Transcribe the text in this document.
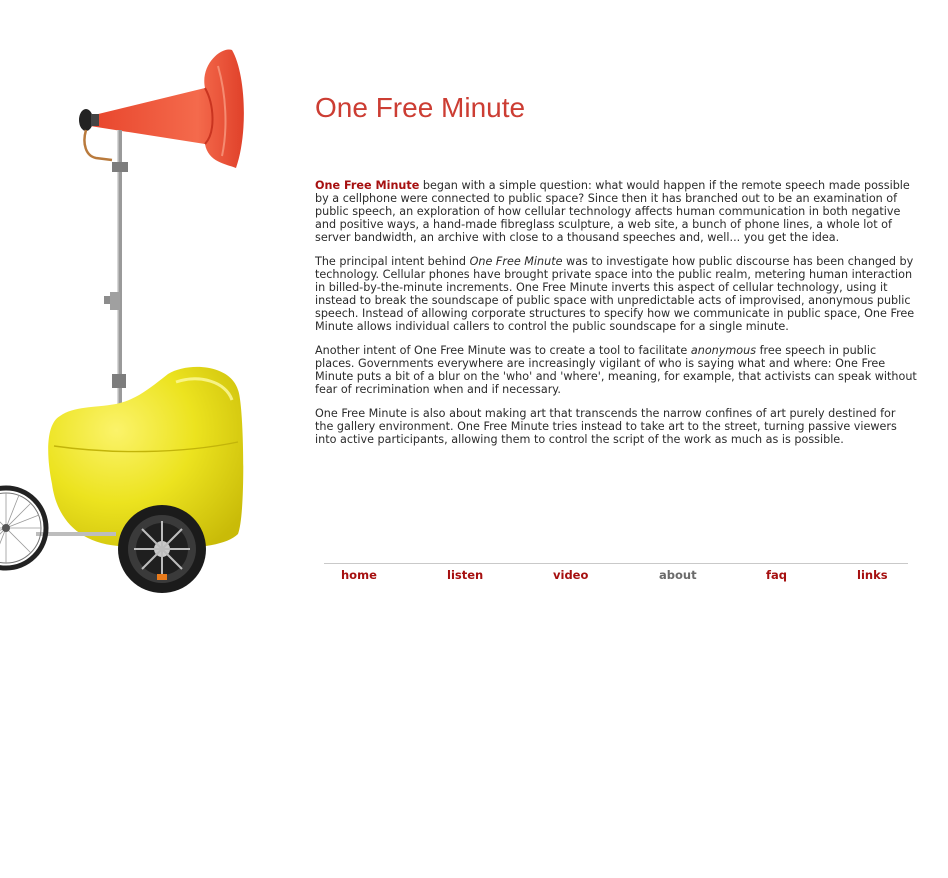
One Free Minute

One Free Minute began with a simple question: what would happen if the remote speech made possible by a cellphone were connected to public space? Since then it has branched out to be an examination of public speech, an exploration of how cellular technology affects human communication in both negative and positive ways, a hand-made fibreglass sculpture, a web site, a bunch of phone lines, a whole lot of server bandwidth, an archive with close to a thousand speeches and, well... you get the idea.

The principal intent behind One Free Minute was to investigate how public discourse has been changed by technology. Cellular phones have brought private space into the public realm, metering human interaction in billed-by-the-minute increments. One Free Minute inverts this aspect of cellular technology, using it instead to break the soundscape of public space with unpredictable acts of improvised, anonymous public speech. Instead of allowing corporate structures to specify how we communicate in public space, One Free Minute allows individual callers to control the public soundscape for a single minute.

Another intent of One Free Minute was to create a tool to facilitate anonymous free speech in public places. Governments everywhere are increasingly vigilant of who is saying what and where: One Free Minute puts a bit of a blur on the 'who' and 'where', meaning, for example, that activists can speak without fear of recrimination when and if necessary.

One Free Minute is also about making art that transcends the narrow confines of art purely destined for the gallery environment. One Free Minute tries instead to take art to the street, turning passive viewers into active participants, allowing them to control the script of the work as much as is possible.

home	listen	video	about	faq	links
